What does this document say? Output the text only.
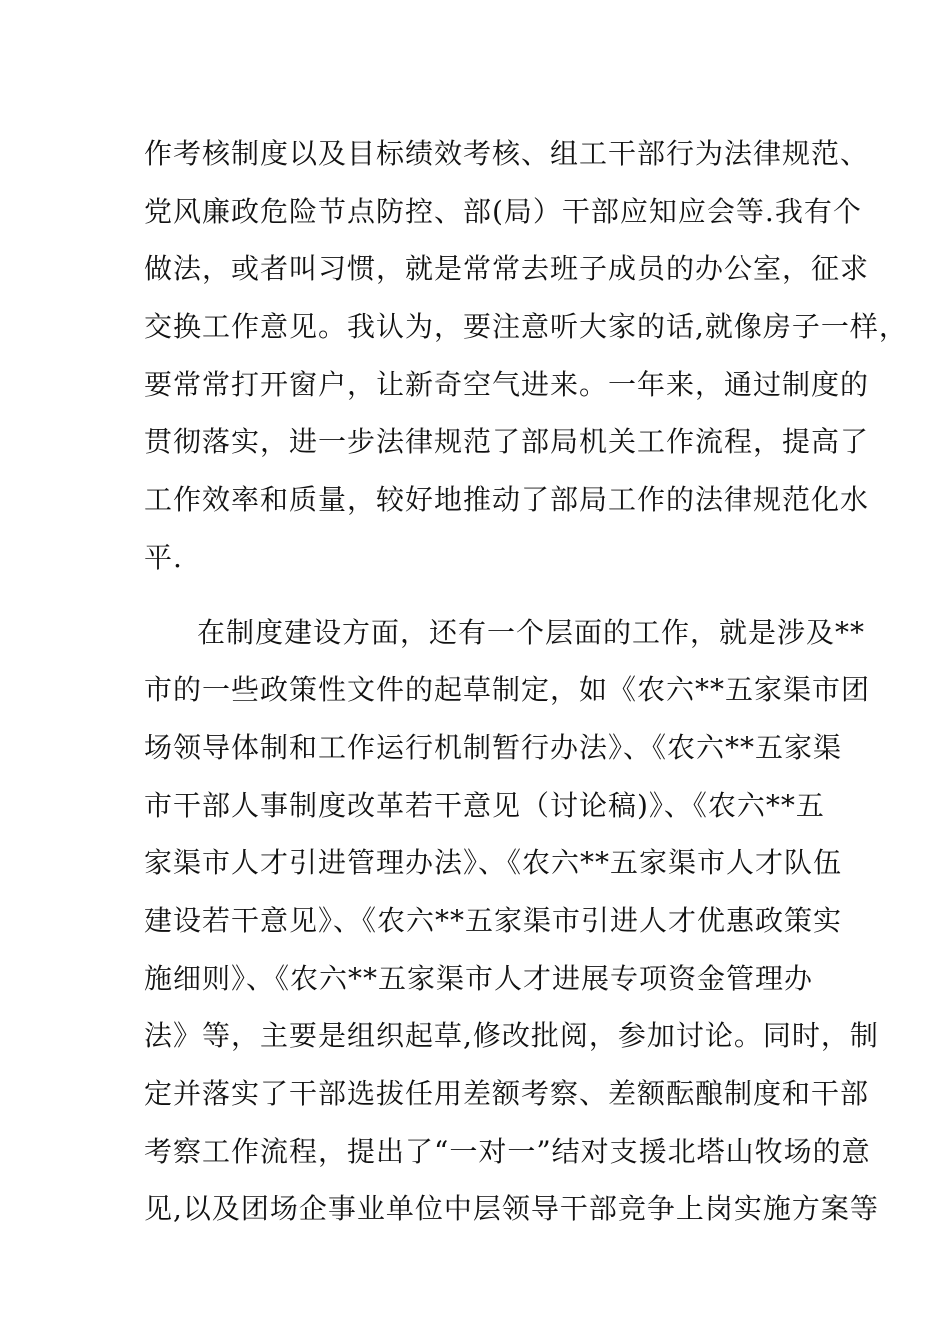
作考核制度以及目标绩效考核、组工干部行为法律规范、
党风廉政危险节点防控、部(局）干部应知应会等.我有个
做法，或者叫习惯，就是常常去班子成员的办公室，征求
交换工作意见。我认为，要注意听大家的话,就像房子一样，
要常常打开窗户，让新奇空气进来。一年来，通过制度的
贯彻落实，进一步法律规范了部局机关工作流程，提高了
工作效率和质量，较好地推动了部局工作的法律规范化水
平.
在制度建设方面，还有一个层面的工作，就是涉及**
市的一些政策性文件的起草制定，如《农六**五家渠市团
场领导体制和工作运行机制暂行办法》、《农六**五家渠
市干部人事制度改革若干意见（讨论稿)》、《农六**五
家渠市人才引进管理办法》、《农六**五家渠市人才队伍
建设若干意见》、《农六**五家渠市引进人才优惠政策实
施细则》、《农六**五家渠市人才进展专项资金管理办
法》等，主要是组织起草,修改批阅，参加讨论。同时，制
定并落实了干部选拔任用差额考察、差额酝酿制度和干部
考察工作流程，提出了“一对一”结对支援北塔山牧场的意
见,以及团场企事业单位中层领导干部竞争上岗实施方案等
